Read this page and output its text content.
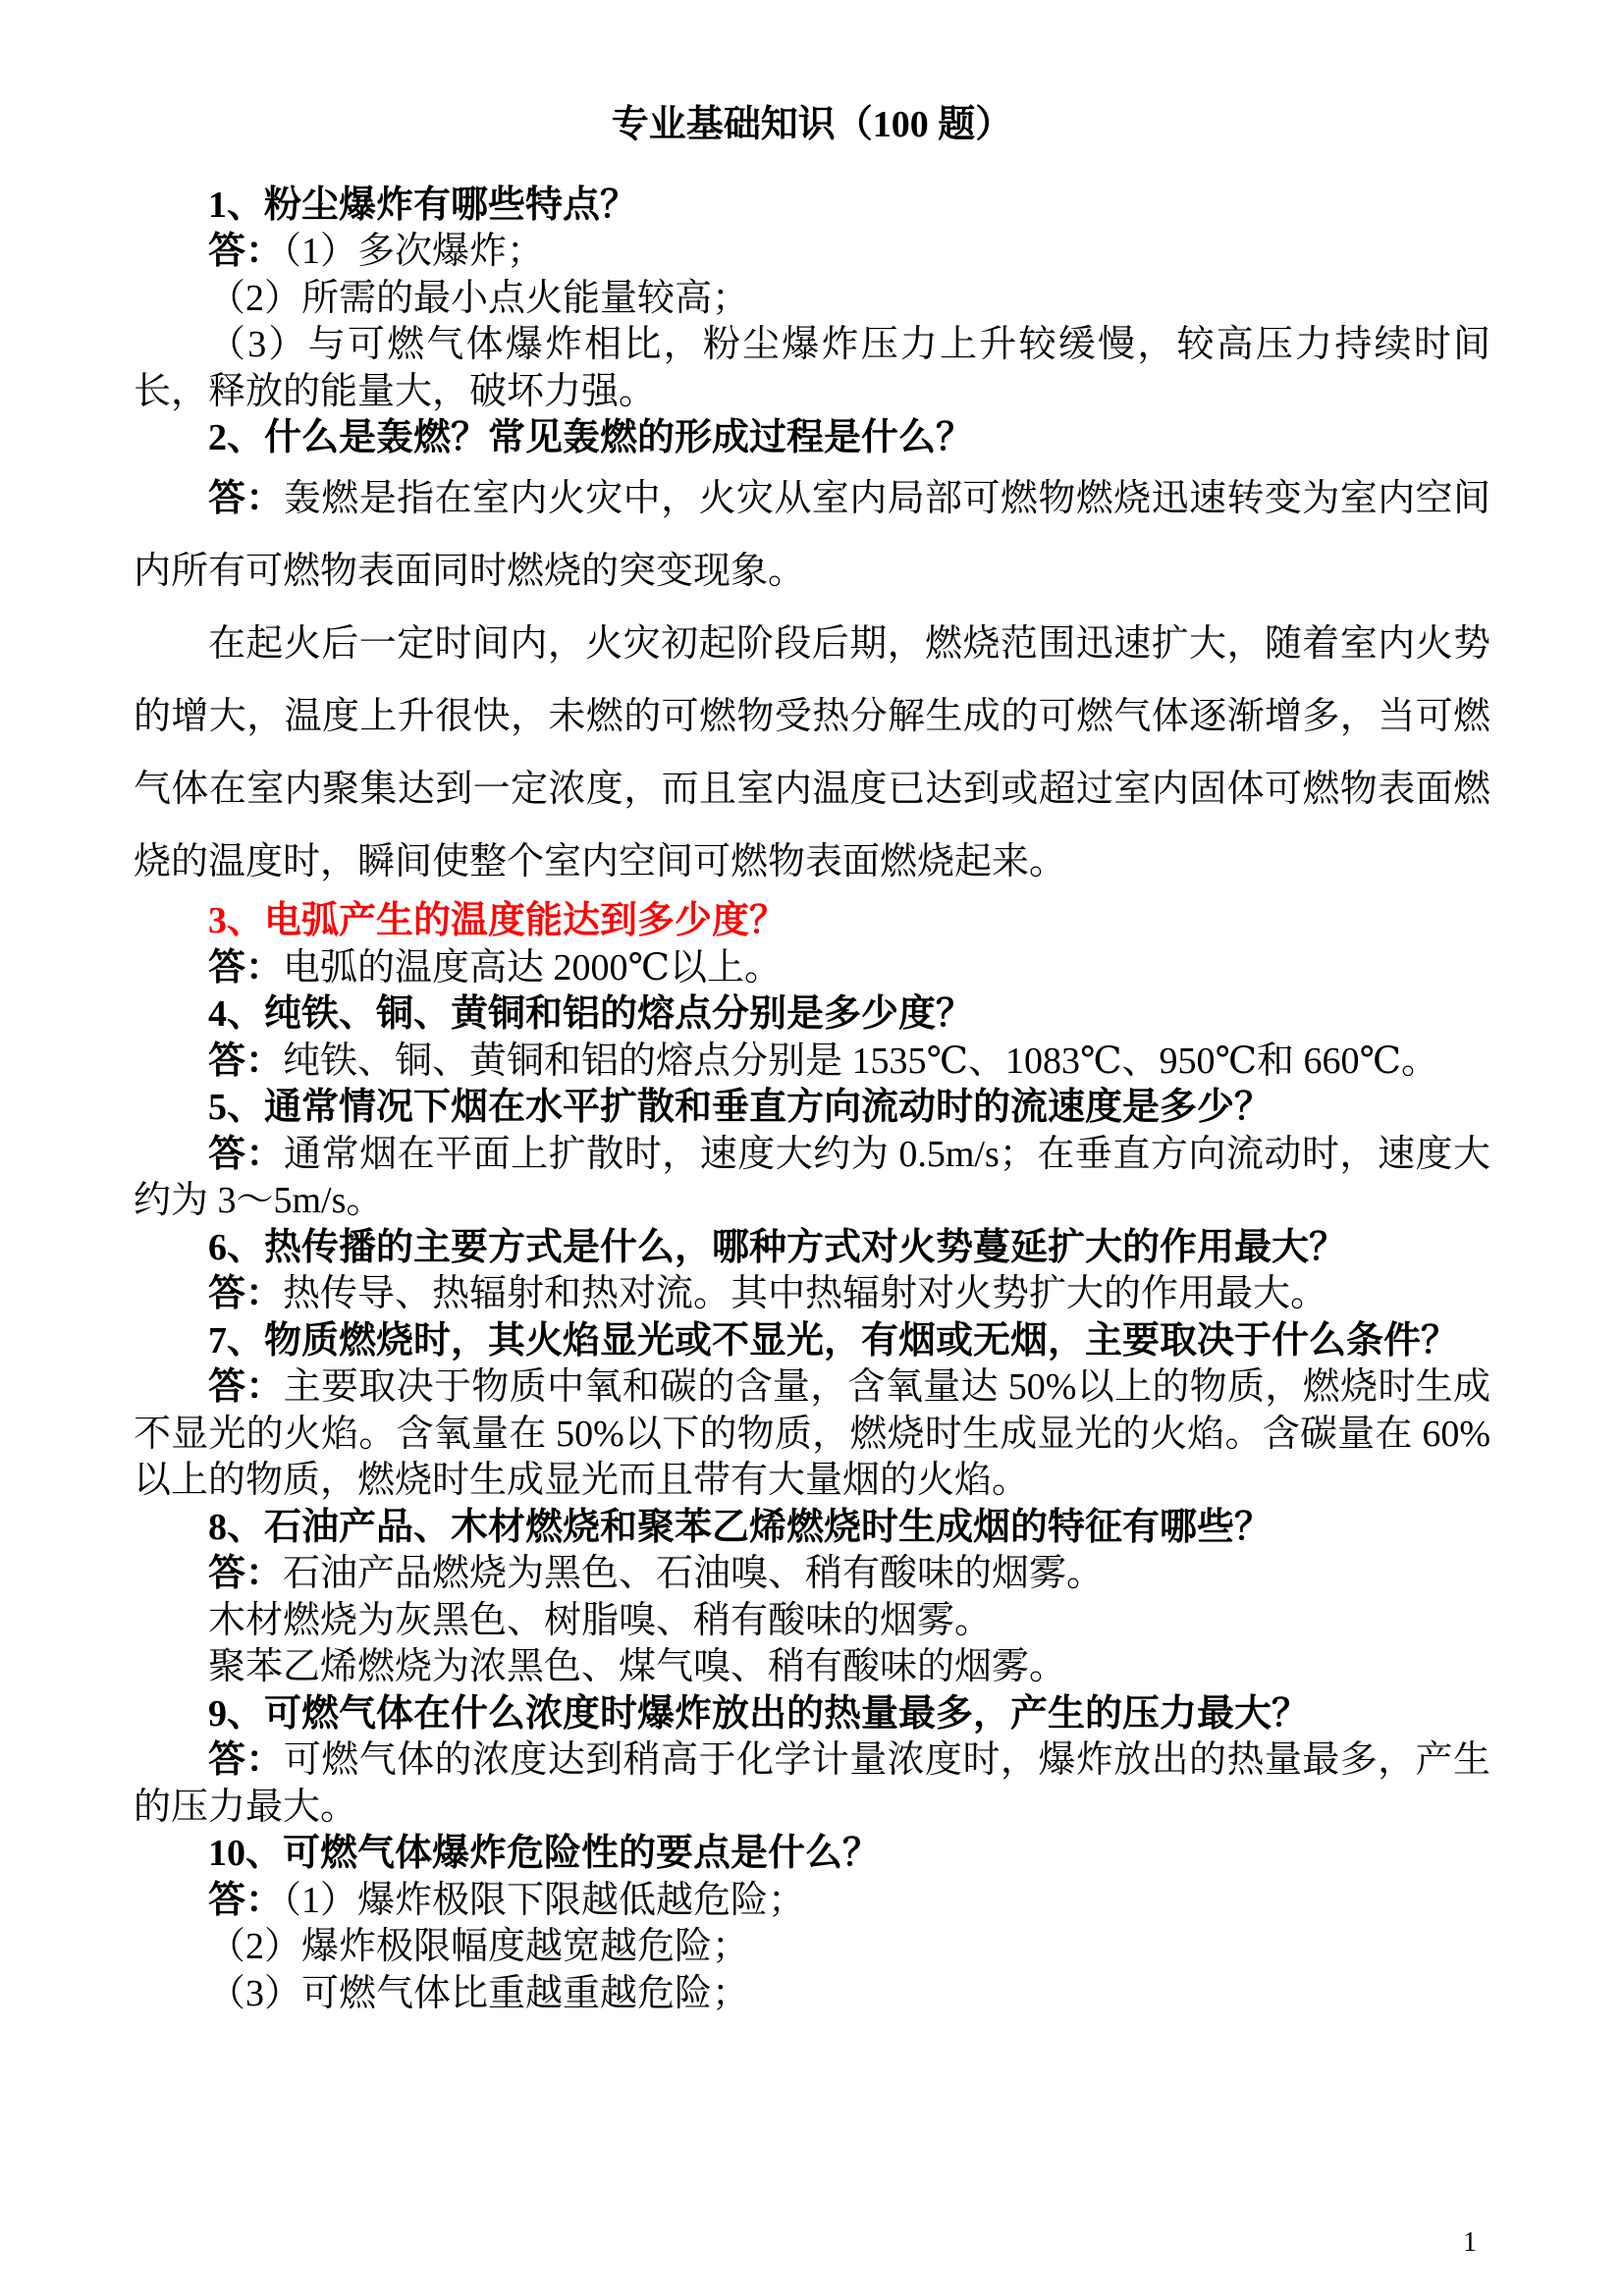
专业基础知识（100 题）

1、粉尘爆炸有哪些特点？

答：（1）多次爆炸；

（2）所需的最小点火能量较高；

（3）与可燃气体爆炸相比，粉尘爆炸压力上升较缓慢，较高压力持续时间长，释放的能量大，破坏力强。

2、什么是轰燃？常见轰燃的形成过程是什么？

答：轰燃是指在室内火灾中，火灾从室内局部可燃物燃烧迅速转变为室内空间内所有可燃物表面同时燃烧的突变现象。

在起火后一定时间内，火灾初起阶段后期，燃烧范围迅速扩大，随着室内火势的增大，温度上升很快，未燃的可燃物受热分解生成的可燃气体逐渐增多，当可燃气体在室内聚集达到一定浓度，而且室内温度已达到或超过室内固体可燃物表面燃烧的温度时，瞬间使整个室内空间可燃物表面燃烧起来。

3、电弧产生的温度能达到多少度？

答：电弧的温度高达 2000℃以上。

4、纯铁、铜、黄铜和铝的熔点分别是多少度？

答：纯铁、铜、黄铜和铝的熔点分别是 1535℃、1083℃、950℃和 660℃。

5、通常情况下烟在水平扩散和垂直方向流动时的流速度是多少？

答：通常烟在平面上扩散时，速度大约为 0.5m/s；在垂直方向流动时，速度大约为 3～5m/s。

6、热传播的主要方式是什么，哪种方式对火势蔓延扩大的作用最大？

答：热传导、热辐射和热对流。其中热辐射对火势扩大的作用最大。

7、物质燃烧时，其火焰显光或不显光，有烟或无烟，主要取决于什么条件？

答：主要取决于物质中氧和碳的含量，含氧量达 50%以上的物质，燃烧时生成不显光的火焰。含氧量在 50%以下的物质，燃烧时生成显光的火焰。含碳量在 60%以上的物质，燃烧时生成显光而且带有大量烟的火焰。

8、石油产品、木材燃烧和聚苯乙烯燃烧时生成烟的特征有哪些？

答：石油产品燃烧为黑色、石油嗅、稍有酸味的烟雾。

木材燃烧为灰黑色、树脂嗅、稍有酸味的烟雾。

聚苯乙烯燃烧为浓黑色、煤气嗅、稍有酸味的烟雾。

9、可燃气体在什么浓度时爆炸放出的热量最多，产生的压力最大？

答：可燃气体的浓度达到稍高于化学计量浓度时，爆炸放出的热量最多，产生的压力最大。

10、可燃气体爆炸危险性的要点是什么？

答：（1）爆炸极限下限越低越危险；

（2）爆炸极限幅度越宽越危险；

（3）可燃气体比重越重越危险；

1
